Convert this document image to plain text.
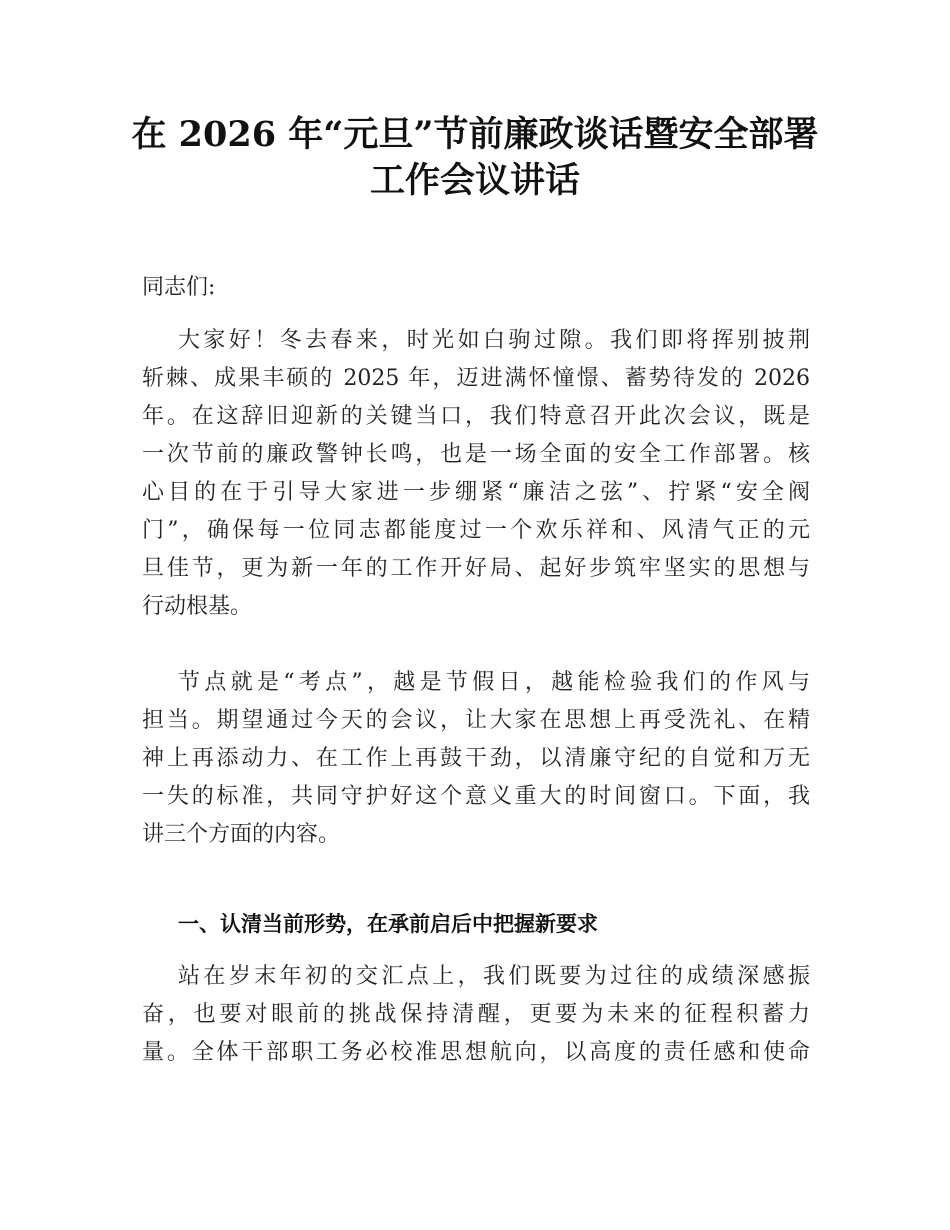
在 2026 年“元旦”节前廉政谈话暨安全部署
工作会议讲话
同志们:
大家好！冬去春来，时光如白驹过隙。我们即将挥别披荆
斩棘、成果丰硕的 2025 年，迈进满怀憧憬、蓄势待发的 2026
年。在这辞旧迎新的关键当口，我们特意召开此次会议，既是
一次节前的廉政警钟长鸣，也是一场全面的安全工作部署。核
心目的在于引导大家进一步绷紧“廉洁之弦”、拧紧“安全阀
门”，确保每一位同志都能度过一个欢乐祥和、风清气正的元
旦佳节，更为新一年的工作开好局、起好步筑牢坚实的思想与
行动根基。
节点就是“考点”，越是节假日，越能检验我们的作风与
担当。期望通过今天的会议，让大家在思想上再受洗礼、在精
神上再添动力、在工作上再鼓干劲，以清廉守纪的自觉和万无
一失的标准，共同守护好这个意义重大的时间窗口。下面，我
讲三个方面的内容。
一、认清当前形势，在承前启后中把握新要求
站在岁末年初的交汇点上，我们既要为过往的成绩深感振
奋，也要对眼前的挑战保持清醒，更要为未来的征程积蓄力
量。全体干部职工务必校准思想航向，以高度的责任感和使命
